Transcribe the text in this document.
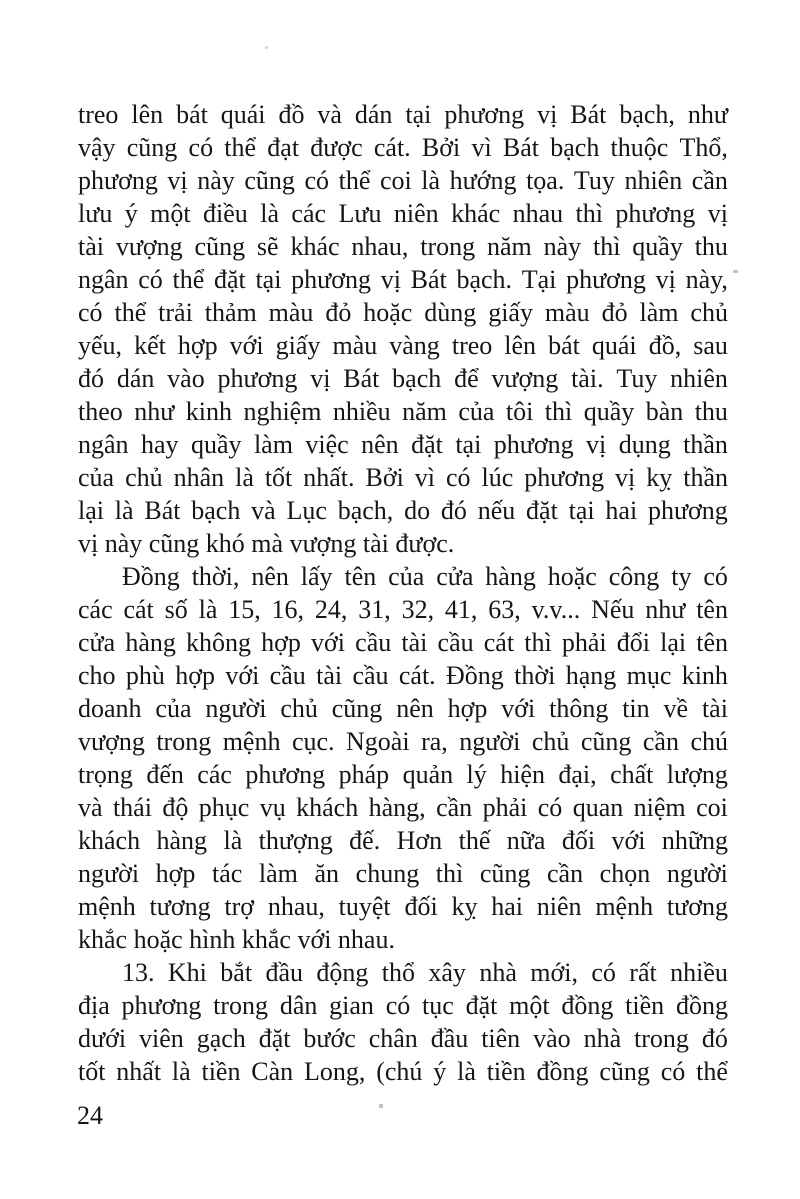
treo lên bát quái đồ và dán tại phương vị Bát bạch, như
vậy cũng có thể đạt được cát. Bởi vì Bát bạch thuộc Thổ,
phương vị này cũng có thể coi là hướng tọa. Tuy nhiên cần
lưu ý một điều là các Lưu niên khác nhau thì phương vị
tài vượng cũng sẽ khác nhau, trong năm này thì quầy thu
ngân có thể đặt tại phương vị Bát bạch. Tại phương vị này,
có thể trải thảm màu đỏ hoặc dùng giấy màu đỏ làm chủ
yếu, kết hợp với giấy màu vàng treo lên bát quái đồ, sau
đó dán vào phương vị Bát bạch để vượng tài. Tuy nhiên
theo như kinh nghiệm nhiều năm của tôi thì quầy bàn thu
ngân hay quầy làm việc nên đặt tại phương vị dụng thần
của chủ nhân là tốt nhất. Bởi vì có lúc phương vị kỵ thần
lại là Bát bạch và Lục bạch, do đó nếu đặt tại hai phương
vị này cũng khó mà vượng tài được.
Đồng thời, nên lấy tên của cửa hàng hoặc công ty có
các cát số là 15, 16, 24, 31, 32, 41, 63, v.v... Nếu như tên
cửa hàng không hợp với cầu tài cầu cát thì phải đổi lại tên
cho phù hợp với cầu tài cầu cát. Đồng thời hạng mục kinh
doanh của người chủ cũng nên hợp với thông tin về tài
vượng trong mệnh cục. Ngoài ra, người chủ cũng cần chú
trọng đến các phương pháp quản lý hiện đại, chất lượng
và thái độ phục vụ khách hàng, cần phải có quan niệm coi
khách hàng là thượng đế. Hơn thế nữa đối với những
người hợp tác làm ăn chung thì cũng cần chọn người
mệnh tương trợ nhau, tuyệt đối kỵ hai niên mệnh tương
khắc hoặc hình khắc với nhau.
13. Khi bắt đầu động thổ xây nhà mới, có rất nhiều
địa phương trong dân gian có tục đặt một đồng tiền đồng
dưới viên gạch đặt bước chân đầu tiên vào nhà trong đó
tốt nhất là tiền Càn Long, (chú ý là tiền đồng cũng có thể
24
